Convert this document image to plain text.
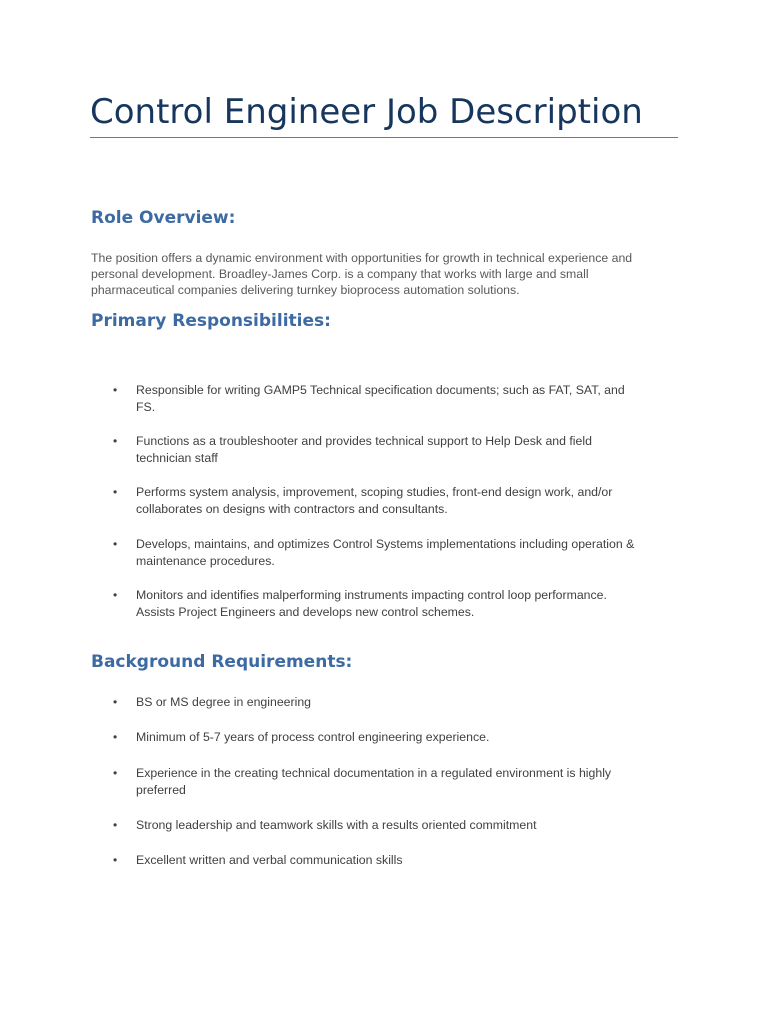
Control Engineer Job Description
Role Overview:

The position offers a dynamic environment with opportunities for growth in technical experience and
personal development. Broadley-James Corp. is a company that works with large and small
pharmaceutical companies delivering turnkey bioprocess automation solutions.

Primary Responsibilities:
• Responsible for writing GAMP5 Technical specification documents; such as FAT, SAT, and
FS.
• Functions as a troubleshooter and provides technical support to Help Desk and field
technician staff
• Performs system analysis, improvement, scoping studies, front-end design work, and/or
collaborates on designs with contractors and consultants.
• Develops, maintains, and optimizes Control Systems implementations including operation &
maintenance procedures.
• Monitors and identifies malperforming instruments impacting control loop performance.
Assists Project Engineers and develops new control schemes.
Background Requirements:
• BS or MS degree in engineering
• Minimum of 5-7 years of process control engineering experience.
• Experience in the creating technical documentation in a regulated environment is highly
preferred
• Strong leadership and teamwork skills with a results oriented commitment
• Excellent written and verbal communication skills
